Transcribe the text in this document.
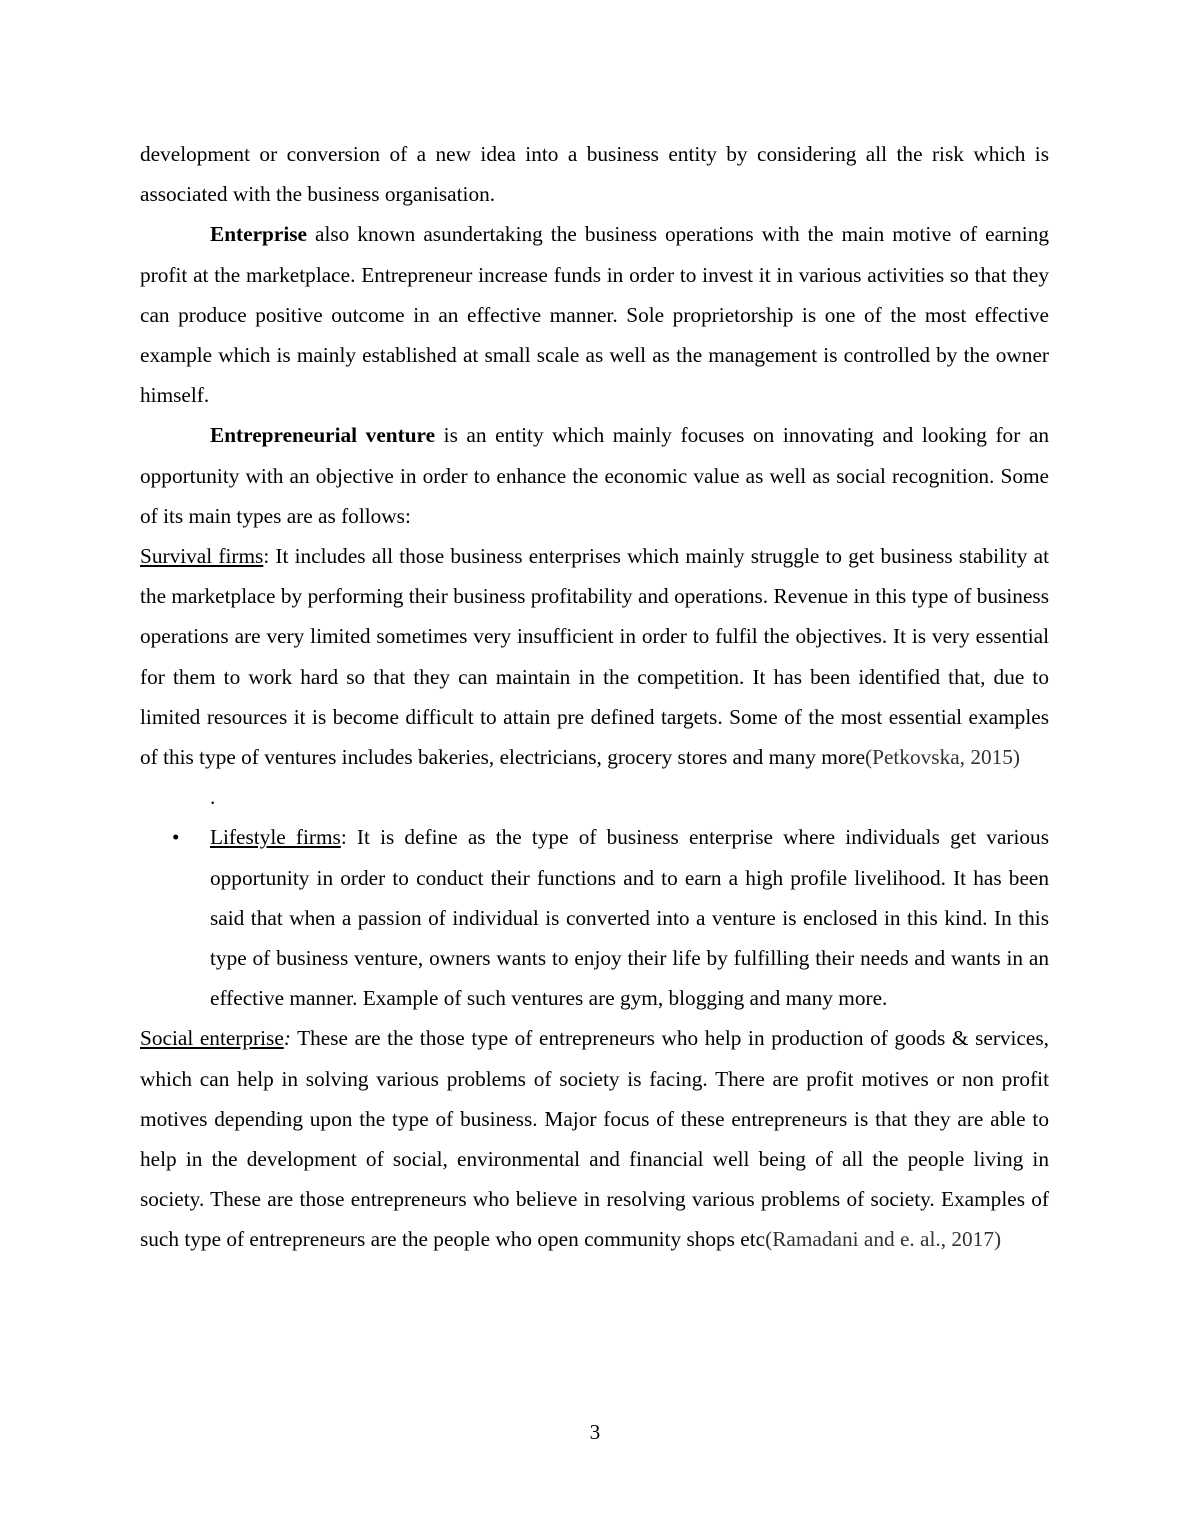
development or conversion of a new idea into a business entity by considering all the risk which is associated with the business organisation.

Enterprise also known asundertaking the business operations with the main motive of earning profit at the marketplace. Entrepreneur increase funds in order to invest it in various activities so that they can produce positive outcome in an effective manner. Sole proprietorship is one of the most effective example which is mainly established at small scale as well as the management is controlled by the owner himself.

Entrepreneurial venture is an entity which mainly focuses on innovating and looking for an opportunity with an objective in order to enhance the economic value as well as social recognition. Some of its main types are as follows:

Survival firms: It includes all those business enterprises which mainly struggle to get business stability at the marketplace by performing their business profitability and operations. Revenue in this type of business operations are very limited sometimes very insufficient in order to fulfil the objectives. It is very essential for them to work hard so that they can maintain in the competition. It has been identified that, due to limited resources it is become difficult to attain pre defined targets. Some of the most essential examples of this type of ventures includes bakeries, electricians, grocery stores and many more(Petkovska, 2015)

.
• Lifestyle firms: It is define as the type of business enterprise where individuals get various opportunity in order to conduct their functions and to earn a high profile livelihood. It has been said that when a passion of individual is converted into a venture is enclosed in this kind. In this type of business venture, owners wants to enjoy their life by fulfilling their needs and wants in an effective manner. Example of such ventures are gym, blogging and many more.

Social enterprise: These are the those type of entrepreneurs who help in production of goods & services, which can help in solving various problems of society is facing. There are profit motives or non profit motives depending upon the type of business. Major focus of these entrepreneurs is that they are able to help in the development of social, environmental and financial well being of all the people living in society. These are those entrepreneurs who believe in resolving various problems of society. Examples of such type of entrepreneurs are the people who open community shops etc(Ramadani and e. al., 2017)

3
